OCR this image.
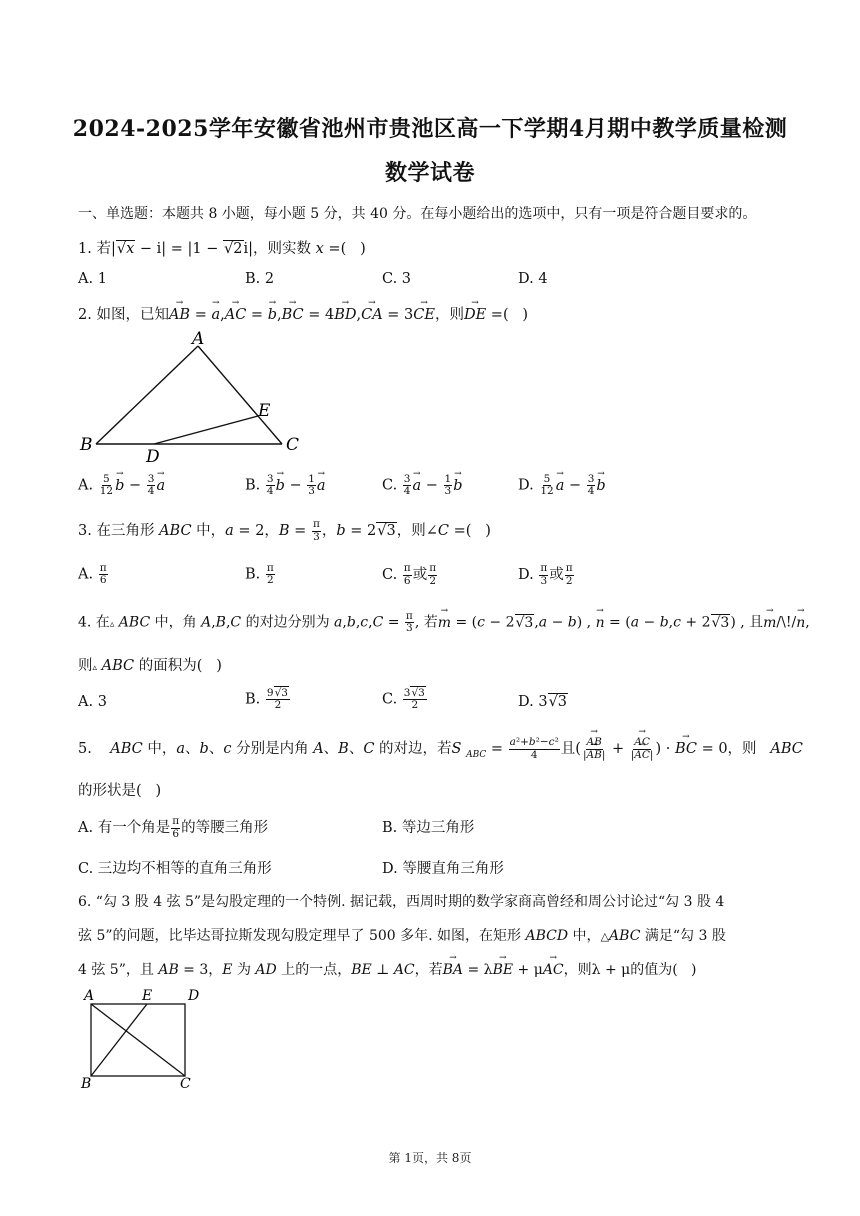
2024-2025学年安徽省池州市贵池区高一下学期4月期中教学质量检测
数学试卷
一、单选题：本题共 8 小题，每小题 5 分，共 40 分。在每小题给出的选项中，只有一项是符合题目要求的。
1. 若|√x − i| = |1 − √2i|，则实数 x =(   )
A. 1	B. 2	C. 3	D. 4
2. 如图，已知→ AB = → a,→ AC = → b,→ BC = 4→ BD,→ CA = 3→ CE，则→ DE =(   )
A
B	C
D
E
A. $\frac{5}{12}$
→ $b - \frac{3}{4}$
→ a	B. $\frac{3}{4}$
→ $b - \frac{1}{3}$
→ a	C. $\frac{3}{4}$
→ $a - \frac{1}{3}$
→ b	D. $\frac{5}{12}$
→ $a - \frac{3}{4}$
→ b
3. 在三角形 ABC 中，a = 2，$B = \frac{\pi}{3}$ ，b = 2√3，则∠C =(   )
A. $\frac{\pi}{6}$	B. $\frac{\pi}{2}$	C. $\frac{\pi}{6}$ 或 $\frac{\pi}{2}$	D. $\frac{\pi}{3}$ 或 $\frac{\pi}{2}$
4. 在▵ ABC 中，角 A,B,C 的对边分别为 $a,b,c,C = \frac{\pi}{3}$ , 若→ m = (c − 2√3,a − b) , → n = (a − b,c + 2√3) , 且→ m/\!/→ n,
则▵ ABC 的面积为(   )
A. 3	B. $\frac{9√3}{2}$	C. $\frac{3√3}{2}$	D. 3√3
5.    ABC 中，a、b、c 分别是内角 A、B、C 的对边，若S $_{ABC} = \frac{\text{a²+b²−c²}}{4}$ 且(
→ $\frac{AB}{|\to AB|}$ +
→ $\frac{AC}{|\to AC|}$ ) · → BC = 0，则   ABC
的形状是(   )
A. 有一个角是 $\frac{\pi}{6}$ 的等腰三角形	B. 等边三角形
C. 三边均不相等的直角三角形	D. 等腰直角三角形
6. “勾 3 股 4 弦 5”是勾股定理的一个特例. 据记载，西周时期的数学家商高曾经和周公讨论过“勾 3 股 4
弦 5”的问题，比毕达哥拉斯发现勾股定理早了 500 多年. 如图，在矩形 ABCD 中，△ABC 满足“勾 3 股
4 弦 5”，且 AB = 3，E 为 AD 上的一点，BE ⊥ AC，若→ BA = λ→ BE + μ→ AC，则λ + μ的值为(   )
A	E	D
B	C
第 1页，共 8页
